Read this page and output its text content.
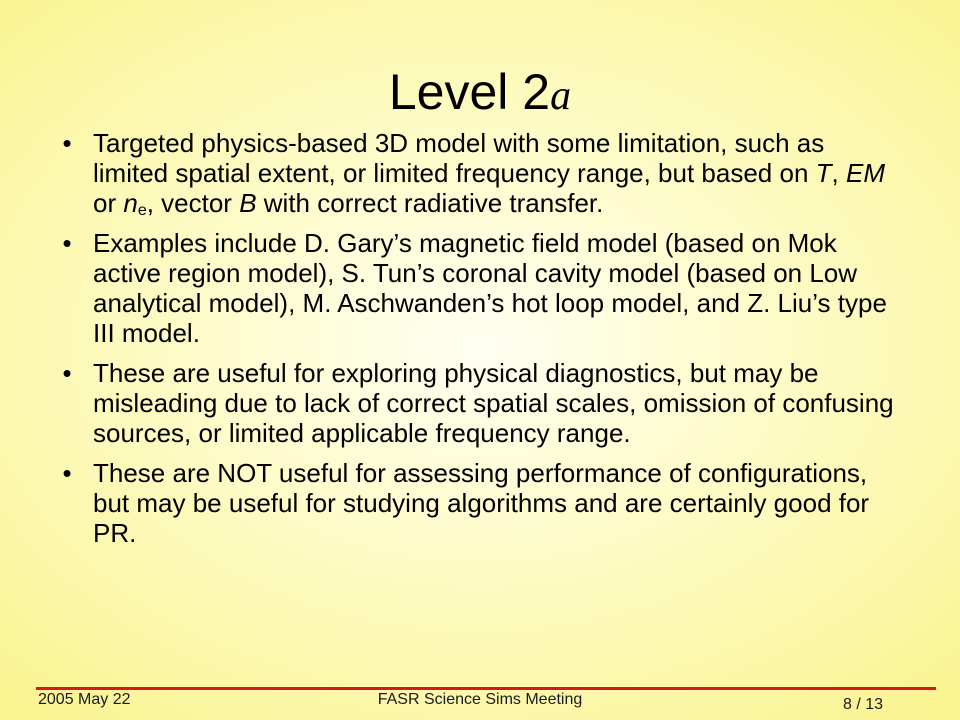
Level 2a
• Targeted physics-based 3D model with some limitation, such as limited spatial extent, or limited frequency range, but based on T, EM or $n_e$, vector B with correct radiative transfer.
• Examples include D. Gary’s magnetic field model (based on Mok active region model), S. Tun’s coronal cavity model (based on Low analytical model), M. Aschwanden’s hot loop model, and Z. Liu’s type III model.
• These are useful for exploring physical diagnostics, but may be misleading due to lack of correct spatial scales, omission of confusing sources, or limited applicable frequency range.
• These are NOT useful for assessing performance of configurations, but may be useful for studying algorithms and are certainly good for PR.
2005 May 22	FASR Science Sims Meeting	8 / 13
